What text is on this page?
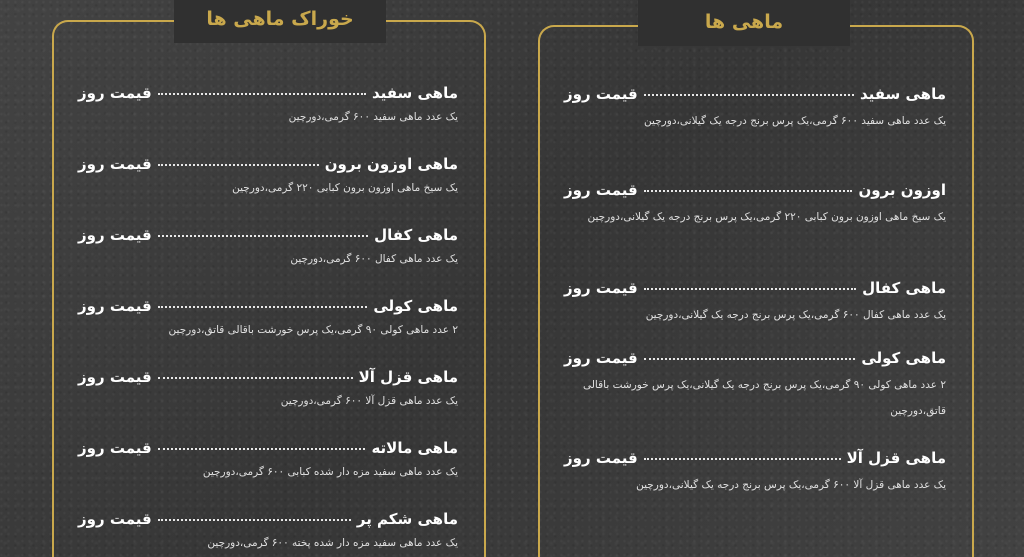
خوراک ماهی ها
ماهی سفید
قیمت روز
یک عدد ماهی سفید ۶۰۰ گرمی،دورچین
ماهی اوزون برون
قیمت روز
یک سیخ ماهی اوزون برون کبابی ۲۲۰ گرمی،دورچین
ماهی کفال
قیمت روز
یک عدد ماهی کفال ۶۰۰ گرمی،دورچین
ماهی کولی
قیمت روز
۲ عدد ماهی کولی ۹۰ گرمی،یک پرس خورشت باقالی قاتق،دورچین
ماهی قزل آلا
قیمت روز
یک عدد ماهی قزل آلا ۶۰۰ گرمی،دورچین
ماهی مالاته
قیمت روز
یک عدد ماهی سفید مزه دار شده کبابی ۶۰۰ گرمی،دورچین
ماهی شکم پر
قیمت روز
یک عدد ماهی سفید مزه دار شده پخته ۶۰۰ گرمی،دورچین
ماهی ها
ماهی سفید
قیمت روز
یک عدد ماهی سفید ۶۰۰ گرمی،یک پرس برنج درجه یک گیلانی،دورچین
اوزون برون
قیمت روز
یک سیخ ماهی اوزون برون کبابی ۲۲۰ گرمی،یک پرس برنج درجه یک گیلانی،دورچین
ماهی کفال
قیمت روز
یک عدد ماهی کفال ۶۰۰ گرمی،یک پرس برنج درجه یک گیلانی،دورچین
ماهی کولی
قیمت روز
۲ عدد ماهی کولی ۹۰ گرمی،یک پرس برنج درجه یک گیلانی،یک پرس خورشت باقالی قاتق،دورچین
ماهی قزل آلا
قیمت روز
یک عدد ماهی قزل آلا ۶۰۰ گرمی،یک پرس برنج درجه یک گیلانی،دورچین
